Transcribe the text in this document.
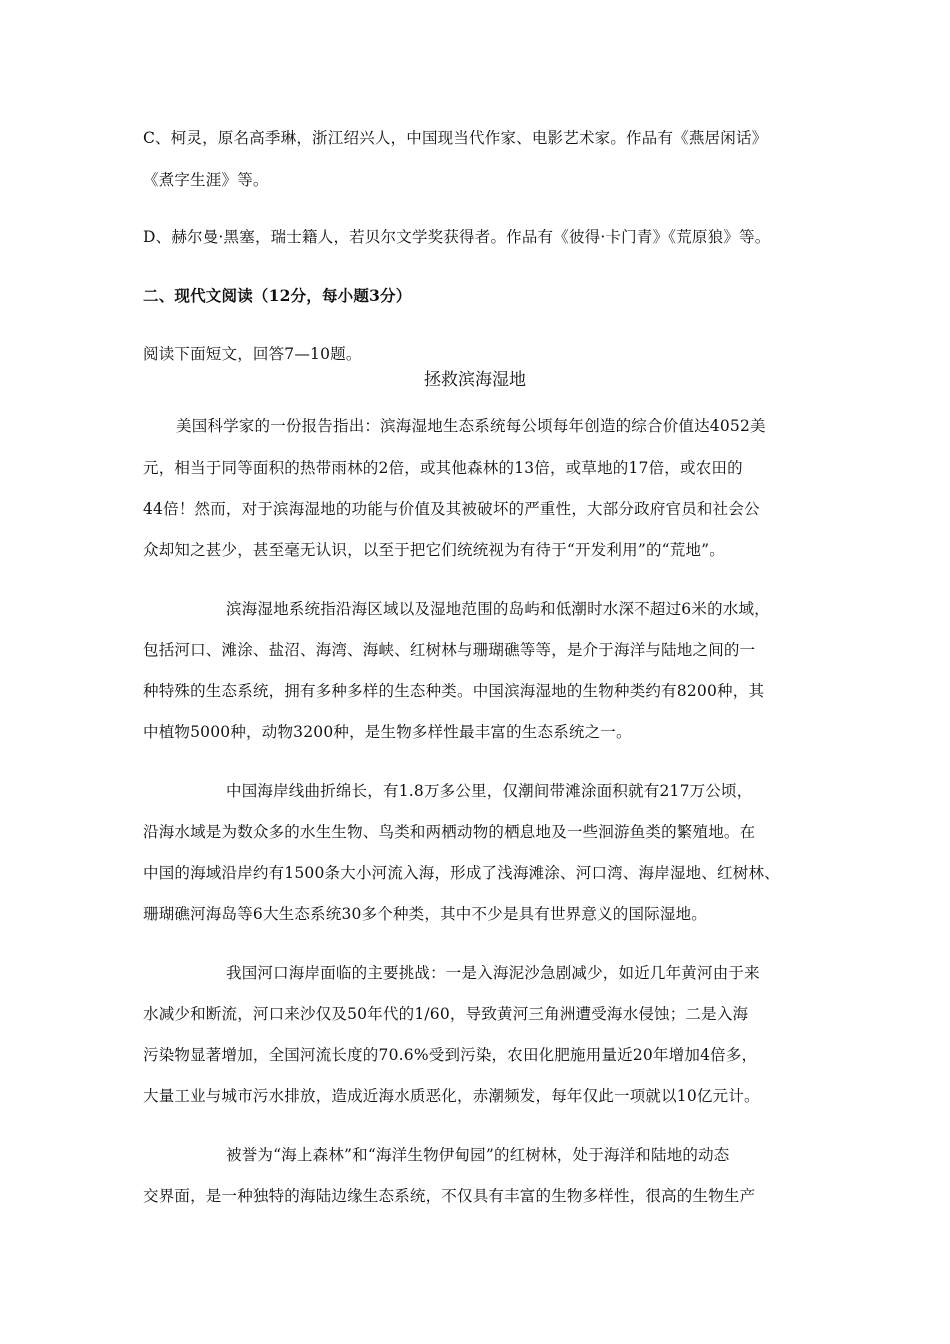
C、柯灵，原名高季琳，浙江绍兴人，中国现当代作家、电影艺术家。作品有《燕居闲话》
《煮字生涯》等。
D、赫尔曼·黑塞，瑞士籍人，若贝尔文学奖获得者。作品有《彼得·卡门青》《荒原狼》等。
二、现代文阅读（12分，每小题3分）
阅读下面短文，回答7—10题。
拯救滨海湿地
美国科学家的一份报告指出：滨海湿地生态系统每公顷每年创造的综合价值达4052美
元，相当于同等面积的热带雨林的2倍，或其他森林的13倍，或草地的17倍，或农田的
44倍！然而，对于滨海湿地的功能与价值及其被破坏的严重性，大部分政府官员和社会公
众却知之甚少，甚至毫无认识，以至于把它们统统视为有待于“开发利用”的“荒地”。
滨海湿地系统指沿海区域以及湿地范围的岛屿和低潮时水深不超过6米的水域，
包括河口、滩涂、盐沼、海湾、海峡、红树林与珊瑚礁等等，是介于海洋与陆地之间的一
种特殊的生态系统，拥有多种多样的生态种类。中国滨海湿地的生物种类约有8200种，其
中植物5000种，动物3200种，是生物多样性最丰富的生态系统之一。
中国海岸线曲折绵长，有1.8万多公里，仅潮间带滩涂面积就有217万公顷，
沿海水域是为数众多的水生生物、鸟类和两栖动物的栖息地及一些洄游鱼类的繁殖地。在
中国的海域沿岸约有1500条大小河流入海，形成了浅海滩涂、河口湾、海岸湿地、红树林、
珊瑚礁河海岛等6大生态系统30多个种类，其中不少是具有世界意义的国际湿地。
我国河口海岸面临的主要挑战：一是入海泥沙急剧减少，如近几年黄河由于来
水减少和断流，河口来沙仅及50年代的1/60，导致黄河三角洲遭受海水侵蚀；二是入海
污染物显著增加，全国河流长度的70.6%受到污染，农田化肥施用量近20年增加4倍多，
大量工业与城市污水排放，造成近海水质恶化，赤潮频发，每年仅此一项就以10亿元计。
被誉为“海上森林”和“海洋生物伊甸园”的红树林，处于海洋和陆地的动态
交界面，是一种独特的海陆边缘生态系统，不仅具有丰富的生物多样性，很高的生物生产
